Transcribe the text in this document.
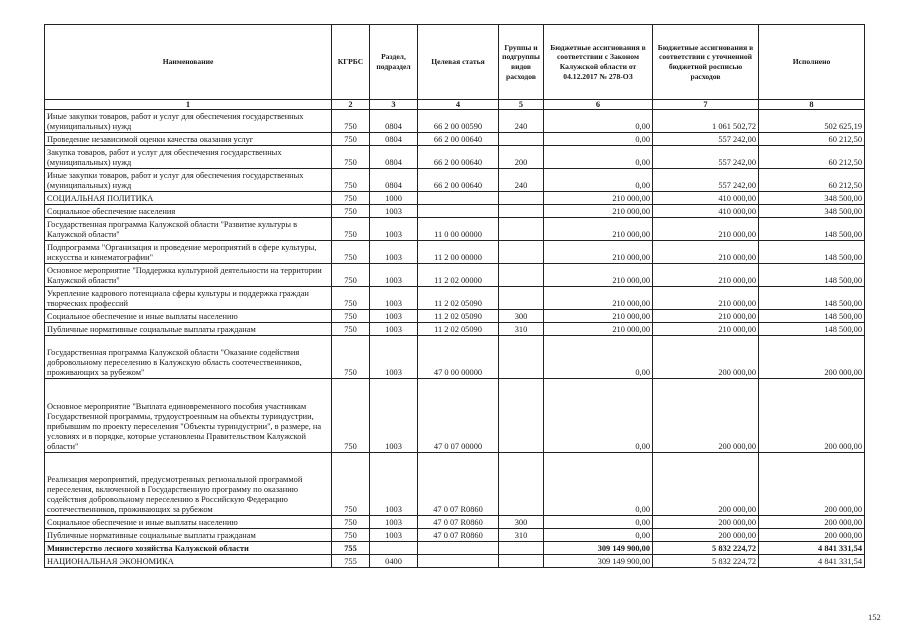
Наименование	КГРБС	Раздел, подраздел	Целевая статья	Группы и подгруппы видов расходов	Бюджетные ассигнования в соответствии с Законом Калужской области от 04.12.2017 № 278-ОЗ	Бюджетные ассигнования в соответствии с уточненной бюджетной росписью расходов	Исполнено
1	2	3	4	5	6	7	8
Иные закупки товаров, работ и услуг для обеспечения государственных (муниципальных) нужд	750	0804	66 2 00 00590	240	0,00	1 061 502,72	502 625,19
Проведение независимой оценки качества оказания услуг	750	0804	66 2 00 00640		0,00	557 242,00	60 212,50
Закупка товаров, работ и услуг для обеспечения государственных (муниципальных) нужд	750	0804	66 2 00 00640	200	0,00	557 242,00	60 212,50
Иные закупки товаров, работ и услуг для обеспечения государственных (муниципальных) нужд	750	0804	66 2 00 00640	240	0,00	557 242,00	60 212,50
СОЦИАЛЬНАЯ ПОЛИТИКА	750	1000			210 000,00	410 000,00	348 500,00
Социальное обеспечение населения	750	1003			210 000,00	410 000,00	348 500,00
Государственная программа Калужской области "Развитие культуры в Калужской области"	750	1003	11 0 00 00000		210 000,00	210 000,00	148 500,00
Подпрограмма "Организация и проведение мероприятий в сфере культуры, искусства и кинематографии"	750	1003	11 2 00 00000		210 000,00	210 000,00	148 500,00
Основное мероприятие "Поддержка культурной деятельности на территории Калужской области"	750	1003	11 2 02 00000		210 000,00	210 000,00	148 500,00
Укрепление кадрового потенциала сферы культуры и поддержка граждан творческих профессий	750	1003	11 2 02 05090		210 000,00	210 000,00	148 500,00
Социальное обеспечение и иные выплаты населению	750	1003	11 2 02 05090	300	210 000,00	210 000,00	148 500,00
Публичные нормативные социальные выплаты гражданам	750	1003	11 2 02 05090	310	210 000,00	210 000,00	148 500,00
Государственная программа Калужской области "Оказание содействия добровольному переселению в Калужскую область соотечественников, проживающих за рубежом"	750	1003	47 0 00 00000		0,00	200 000,00	200 000,00
Основное мероприятие "Выплата единовременного пособия участникам Государственной программы, трудоустроенным на объекты туриндустрии, прибывшим по проекту переселения "Объекты туриндустрии", в размере, на условиях и в порядке, которые установлены Правительством Калужской области"	750	1003	47 0 07 00000		0,00	200 000,00	200 000,00
Реализация мероприятий, предусмотренных региональной программой переселения, включенной в Государственную программу по оказанию содействия добровольному переселению в Российскую Федерацию соотечественников, проживающих за рубежом	750	1003	47 0 07 R0860		0,00	200 000,00	200 000,00
Социальное обеспечение и иные выплаты населению	750	1003	47 0 07 R0860	300	0,00	200 000,00	200 000,00
Публичные нормативные социальные выплаты гражданам	750	1003	47 0 07 R0860	310	0,00	200 000,00	200 000,00
Министерство лесного хозяйства Калужской области	755				309 149 900,00	5 832 224,72	4 841 331,54
НАЦИОНАЛЬНАЯ ЭКОНОМИКА	755	0400			309 149 900,00	5 832 224,72	4 841 331,54
152
